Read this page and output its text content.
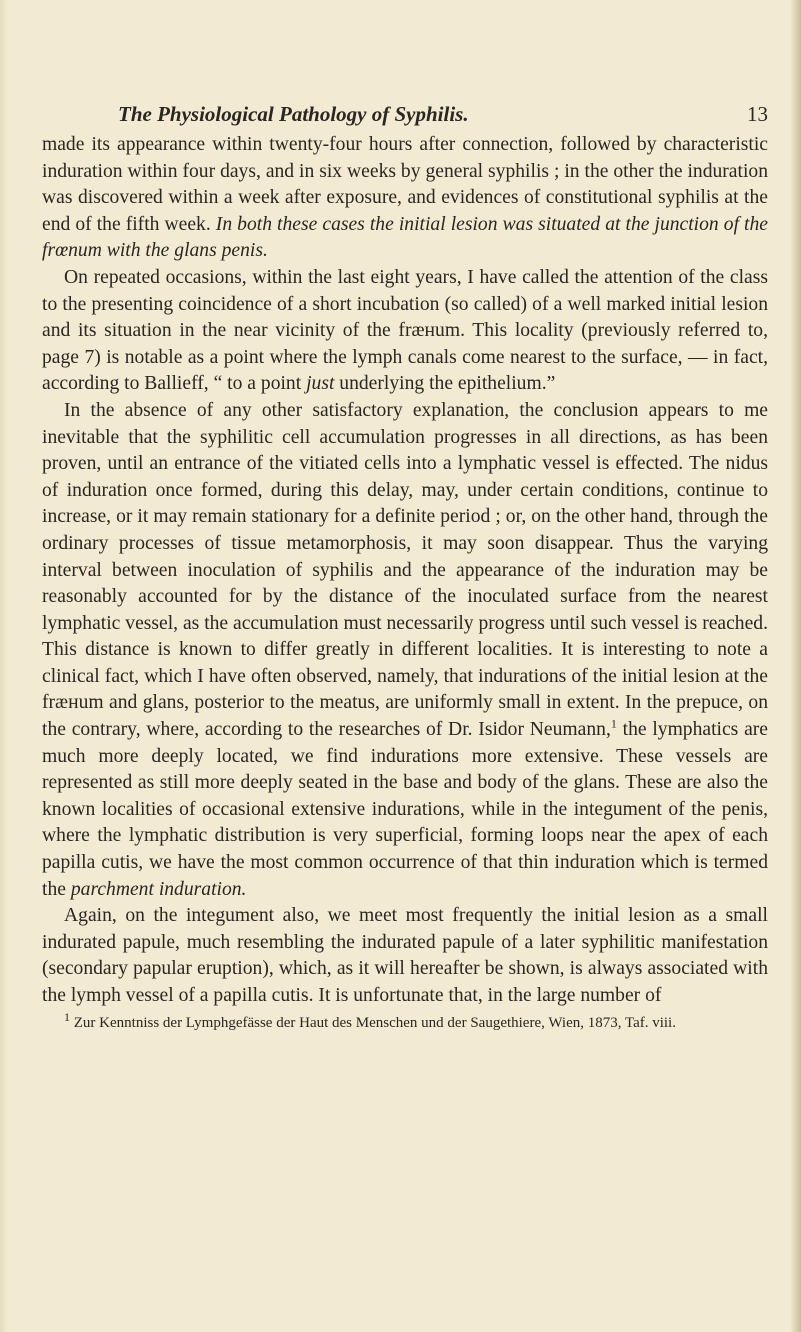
The Physiological Pathology of Syphilis.	13

made its appearance within twenty-four hours after connection, followed by characteristic induration within four days, and in six weeks by general syphilis ; in the other the induration was discovered within a week after exposure, and evidences of constitutional syphilis at the end of the fifth week. In both these cases the initial lesion was situated at the junction of the frœnum with the glans penis.

On repeated occasions, within the last eight years, I have called the attention of the class to the presenting coincidence of a short incubation (so called) of a well marked initial lesion and its situation in the near vicinity of the fræнum. This locality (previously referred to, page 7) is notable as a point where the lymph canals come nearest to the surface, — in fact, according to Ballieff, “ to a point just underlying the epithelium.”

In the absence of any other satisfactory explanation, the conclusion appears to me inevitable that the syphilitic cell accumulation progresses in all directions, as has been proven, until an entrance of the vitiated cells into a lymphatic vessel is effected. The nidus of induration once formed, during this delay, may, under certain conditions, continue to increase, or it may remain stationary for a definite period ; or, on the other hand, through the ordinary processes of tissue metamorphosis, it may soon disappear. Thus the varying interval between inoculation of syphilis and the appearance of the induration may be reasonably accounted for by the distance of the inoculated surface from the nearest lymphatic vessel, as the accumulation must necessarily progress until such vessel is reached. This distance is known to differ greatly in different localities. It is interesting to note a clinical fact, which I have often observed, namely, that indurations of the initial lesion at the fræнum and glans, posterior to the meatus, are uniformly small in extent. In the prepuce, on the contrary, where, according to the researches of Dr. Isidor Neumann,$^1$ the lymphatics are much more deeply located, we find indurations more extensive. These vessels are represented as still more deeply seated in the base and body of the glans. These are also the known localities of occasional extensive indurations, while in the integument of the penis, where the lymphatic distribution is very superficial, forming loops near the apex of each papilla cutis, we have the most common occurrence of that thin induration which is termed the parchment induration.

Again, on the integument also, we meet most frequently the initial lesion as a small indurated papule, much resembling the indurated papule of a later syphilitic manifestation (secondary papular eruption), which, as it will hereafter be shown, is always associated with the lymph vessel of a papilla cutis. It is unfortunate that, in the large number of

$^1$ Zur Kenntniss der Lymphgefässe der Haut des Menschen und der Saugethiere, Wien, 1873, Taf. viii.
